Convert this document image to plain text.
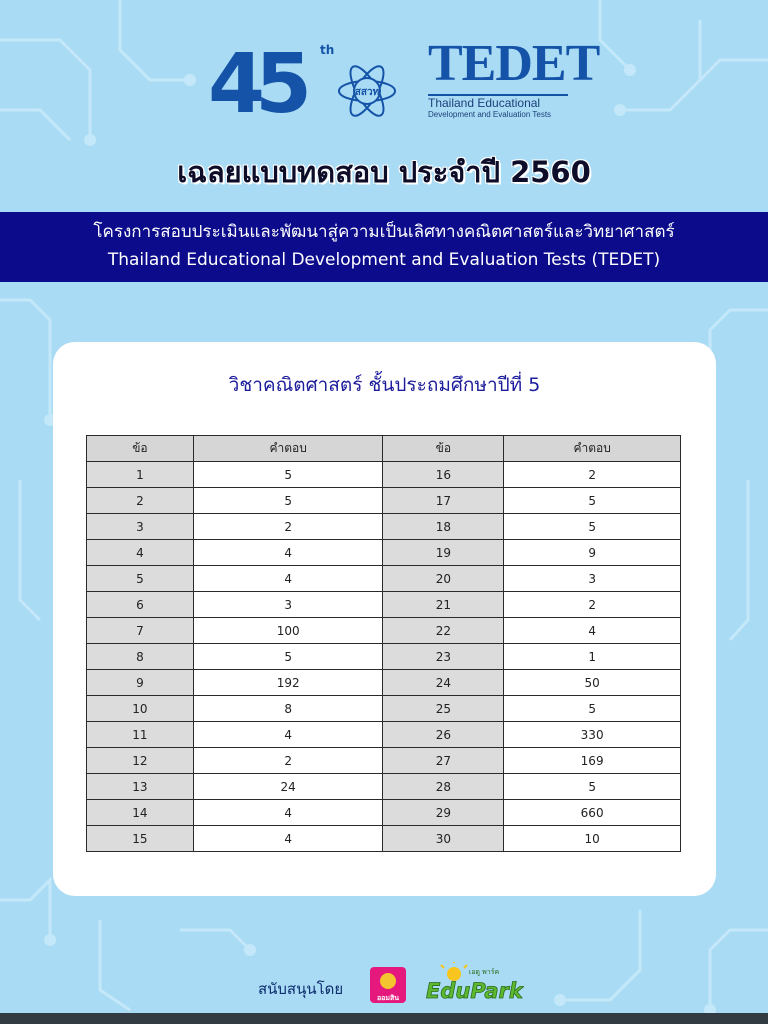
45	th
สสวท
TEDET
Thailand Educational
Development and Evaluation Tests
เฉลยแบบทดสอบ ประจำปี 2560
โครงการสอบประเมินและพัฒนาสู่ความเป็นเลิศทางคณิตศาสตร์และวิทยาศาสตร์
Thailand Educational Development and Evaluation Tests (TEDET)
วิชาคณิตศาสตร์ ชั้นประถมศึกษาปีที่ 5
ข้อ	คำตอบ	ข้อ	คำตอบ
1	5	16	2
2	5	17	5
3	2	18	5
4	4	19	9
5	4	20	3
6	3	21	2
7	100	22	4
8	5	23	1
9	192	24	50
10	8	25	5
11	4	26	330
12	2	27	169
13	24	28	5
14	4	29	660
15	4	30	10
สนับสนุนโดย	ออมสิน
เอดู พาร์ค
EduPark
